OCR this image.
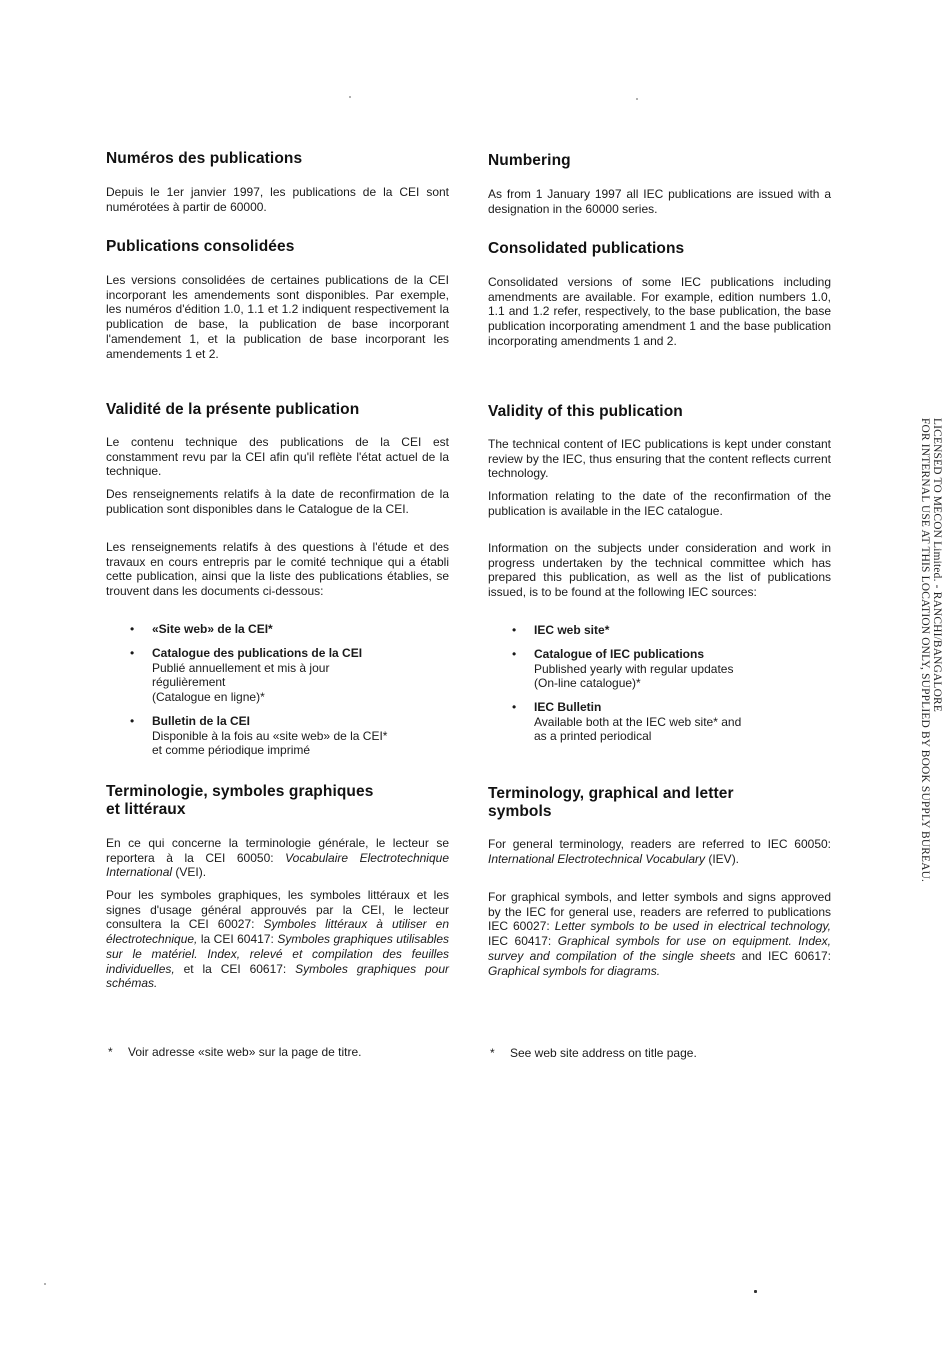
Numéros des publications

Depuis le 1er janvier 1997, les publications de la CEI sont numérotées à partir de 60000.

Publications consolidées

Les versions consolidées de certaines publications de la CEI incorporant les amendements sont disponibles. Par exemple, les numéros d'édition 1.0, 1.1 et 1.2 indiquent respectivement la publication de base, la publication de base incorporant l'amendement 1, et la publication de base incorporant les amendements 1 et 2.

Validité de la présente publication

Le contenu technique des publications de la CEI est constamment revu par la CEI afin qu'il reflète l'état actuel de la technique.

Des renseignements relatifs à la date de reconfirmation de la publication sont disponibles dans le Catalogue de la CEI.

Les renseignements relatifs à des questions à l'étude et des travaux en cours entrepris par le comité technique qui a établi cette publication, ainsi que la liste des publications établies, se trouvent dans les documents ci-dessous:

• «Site web» de la CEI*
• Catalogue des publications de la CEI
Publié annuellement et mis à jour
régulièrement
(Catalogue en ligne)*
• Bulletin de la CEI
Disponible à la fois au «site web» de la CEI*
et comme périodique imprimé
Terminologie, symboles graphiques
et littéraux

En ce qui concerne la terminologie générale, le lecteur se reportera à la CEI 60050: Vocabulaire Electrotechnique International (VEI).

Pour les symboles graphiques, les symboles littéraux et les signes d'usage général approuvés par la CEI, le lecteur consultera la CEI 60027: Symboles littéraux à utiliser en électrotechnique, la CEI 60417: Symboles graphiques utilisables sur le matériel. Index, relevé et compilation des feuilles individuelles, et la CEI 60617: Symboles graphiques pour schémas.

* Voir adresse «site web» sur la page de titre.
Numbering

As from 1 January 1997 all IEC publications are issued with a designation in the 60000 series.

Consolidated publications

Consolidated versions of some IEC publications including amendments are available. For example, edition numbers 1.0, 1.1 and 1.2 refer, respectively, to the base publication, the base publication incorporating amendment 1 and the base publication incorporating amendments 1 and 2.

Validity of this publication

The technical content of IEC publications is kept under constant review by the IEC, thus ensuring that the content reflects current technology.

Information relating to the date of the reconfirmation of the publication is available in the IEC catalogue.

Information on the subjects under consideration and work in progress undertaken by the technical committee which has prepared this publication, as well as the list of publications issued, is to be found at the following IEC sources:

• IEC web site*
• Catalogue of IEC publications
Published yearly with regular updates
(On-line catalogue)*
• IEC Bulletin
Available both at the IEC web site* and
as a printed periodical
Terminology, graphical and letter
symbols

For general terminology, readers are referred to IEC 60050: International Electrotechnical Vocabulary (IEV).

For graphical symbols, and letter symbols and signs approved by the IEC for general use, readers are referred to publications IEC 60027: Letter symbols to be used in electrical technology, IEC 60417: Graphical symbols for use on equipment. Index, survey and compilation of the single sheets and IEC 60617: Graphical symbols for diagrams.

* See web site address on title page.
LICENSED TO MECON Limited. - RANCHI/BANGALORE
FOR INTERNAL USE AT THIS LOCATION ONLY, SUPPLIED BY BOOK SUPPLY BUREAU.
